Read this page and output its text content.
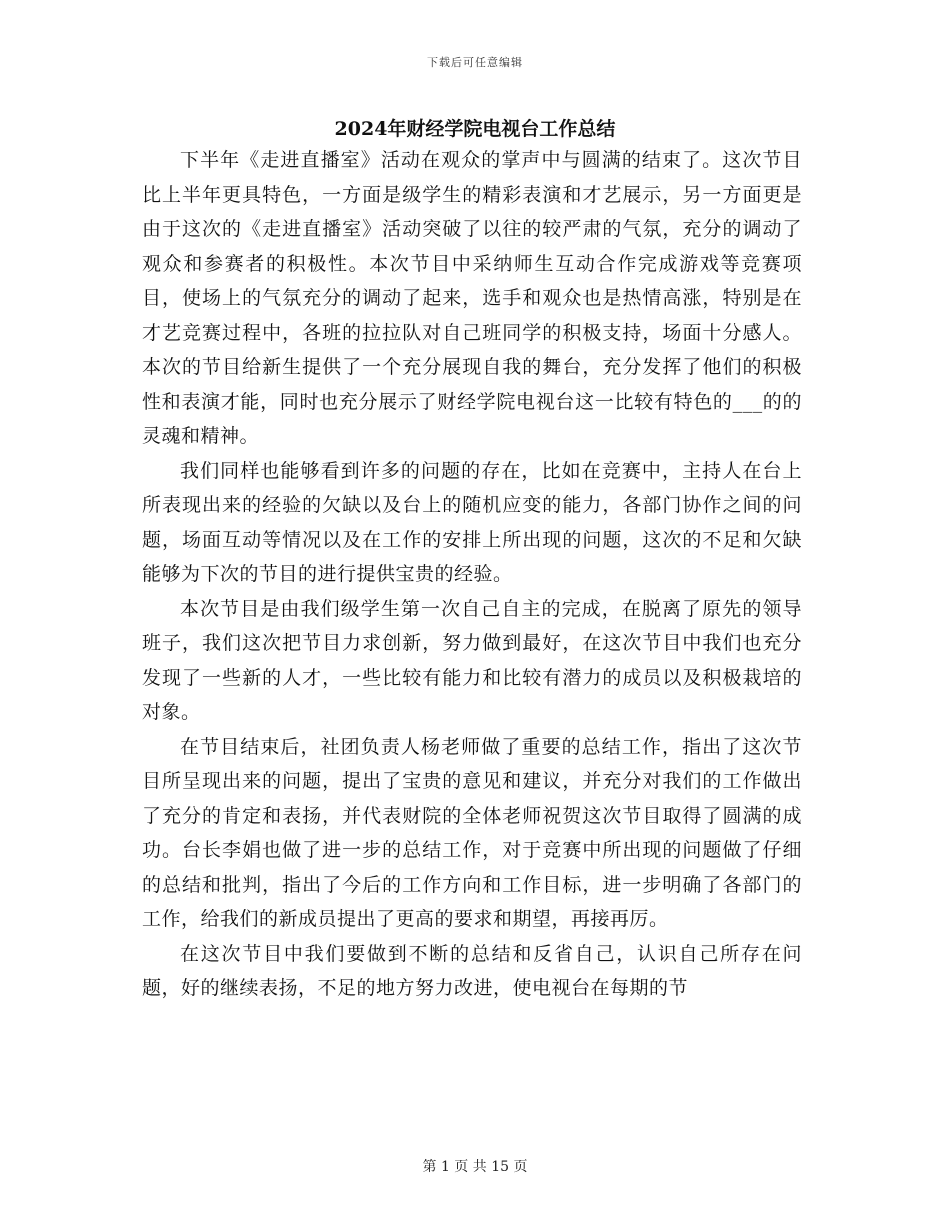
下载后可任意编辑
2024年财经学院电视台工作总结

下半年《走进直播室》活动在观众的掌声中与圆满的结束了。这次节目比上半年更具特色，一方面是级学生的精彩表演和才艺展示，另一方面更是由于这次的《走进直播室》活动突破了以往的较严肃的气氛，充分的调动了观众和参赛者的积极性。本次节目中采纳师生互动合作完成游戏等竞赛项目，使场上的气氛充分的调动了起来，选手和观众也是热情高涨，特别是在才艺竞赛过程中，各班的拉拉队对自己班同学的积极支持，场面十分感人。本次的节目给新生提供了一个充分展现自我的舞台，充分发挥了他们的积极性和表演才能，同时也充分展示了财经学院电视台这一比较有特色的___的的灵魂和精神。

我们同样也能够看到许多的问题的存在，比如在竞赛中，主持人在台上所表现出来的经验的欠缺以及台上的随机应变的能力，各部门协作之间的问题，场面互动等情况以及在工作的安排上所出现的问题，这次的不足和欠缺能够为下次的节目的进行提供宝贵的经验。

本次节目是由我们级学生第一次自己自主的完成，在脱离了原先的领导班子，我们这次把节目力求创新，努力做到最好，在这次节目中我们也充分发现了一些新的人才，一些比较有能力和比较有潜力的成员以及积极栽培的对象。

在节目结束后，社团负责人杨老师做了重要的总结工作，指出了这次节目所呈现出来的问题，提出了宝贵的意见和建议，并充分对我们的工作做出了充分的肯定和表扬，并代表财院的全体老师祝贺这次节目取得了圆满的成功。台长李娟也做了进一步的总结工作，对于竞赛中所出现的问题做了仔细的总结和批判，指出了今后的工作方向和工作目标，进一步明确了各部门的工作，给我们的新成员提出了更高的要求和期望，再接再厉。

在这次节目中我们要做到不断的总结和反省自己，认识自己所存在问题，好的继续表扬，不足的地方努力改进，使电视台在每期的节

第 1 页 共 15 页
